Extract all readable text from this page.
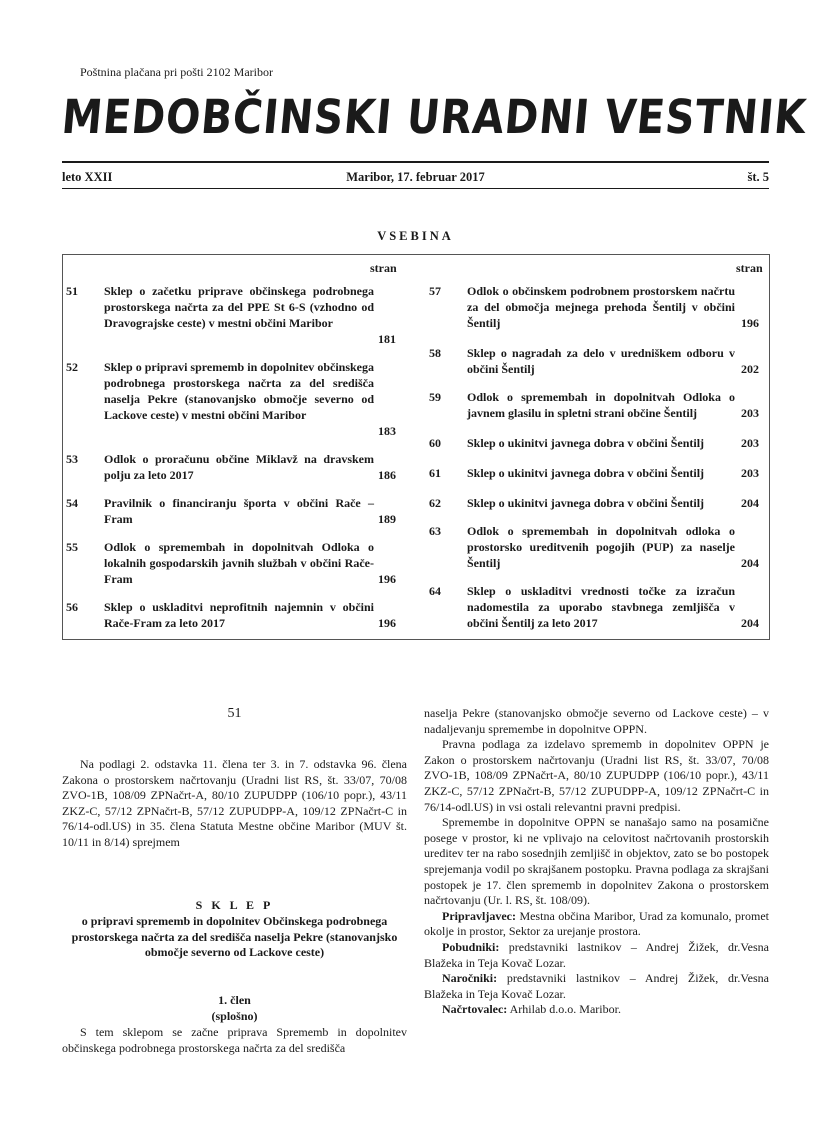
Poštnina plačana pri pošti 2102 Maribor
MEDOBČINSKI URADNI VESTNIK
leto XXII	Maribor, 17. februar 2017	št. 5
VSEBINA
stran	stran
51 Sklep o začetku priprave občinskega podrobnega prostorskega načrta za del PPE St 6-S (vzhodno od Dravograjske ceste) v mestni občini Maribor
181
52 Sklep o pripravi sprememb in dopolnitev občinskega podrobnega prostorskega načrta za del središča naselja Pekre (stanovanjsko območje severno od Lackove ceste) v mestni občini Maribor
183
53 Odlok o proračunu občine Miklavž na dravskem polju za leto 2017	186
54 Pravilnik o financiranju športa v občini Rače – Fram	189
55 Odlok o spremembah in dopolnitvah Odloka o lokalnih gospodarskih javnih službah v občini Rače-Fram	196
56 Sklep o uskladitvi neprofitnih najemnin v občini Rače-Fram za leto 2017	196
57 Odlok o občinskem podrobnem prostorskem načrtu za del območja mejnega prehoda Šentilj v občini Šentilj	196
58 Sklep o nagradah za delo v uredniškem odboru v občini Šentilj	202
59 Odlok o spremembah in dopolnitvah Odloka o javnem glasilu in spletni strani občine Šentilj	203
60 Sklep o ukinitvi javnega dobra v občini Šentilj	203
61 Sklep o ukinitvi javnega dobra v občini Šentilj	203
62 Sklep o ukinitvi javnega dobra v občini Šentilj	204
63 Odlok o spremembah in dopolnitvah odloka o prostorsko ureditvenih pogojih (PUP) za naselje Šentilj	204
64 Sklep o uskladitvi vrednosti točke za izračun nadomestila za uporabo stavbnega zemljišča v občini Šentilj za leto 2017	204
51

Na podlagi 2. odstavka 11. člena ter 3. in 7. odstavka 96. člena Zakona o prostorskem načrtovanju (Uradni list RS, št. 33/07, 70/08 ZVO-1B, 108/09 ZPNačrt-A, 80/10 ZUPUDPP (106/10 popr.), 43/11 ZKZ-C, 57/12 ZPNačrt-B, 57/12 ZUPUDPP-A, 109/12 ZPNačrt-C in 76/14-odl.US) in 35. člena Statuta Mestne občine Maribor (MUV št. 10/11 in 8/14) sprejmem

S K L E P
o pripravi sprememb in dopolnitev Občinskega podrobnega prostorskega načrta za del središča naselja Pekre (stanovanjsko območje severno od Lackove ceste)
1. člen
(splošno)

S tem sklepom se začne priprava Sprememb in dopolnitev občinskega podrobnega prostorskega načrta za del središča

naselja Pekre (stanovanjsko območje severno od Lackove ceste) – v nadaljevanju spremembe in dopolnitve OPPN.

Pravna podlaga za izdelavo sprememb in dopolnitev OPPN je Zakon o prostorskem načrtovanju (Uradni list RS, št. 33/07, 70/08 ZVO-1B, 108/09 ZPNačrt-A, 80/10 ZUPUDPP (106/10 popr.), 43/11 ZKZ-C, 57/12 ZPNačrt-B, 57/12 ZUPUDPP-A, 109/12 ZPNačrt-C in 76/14-odl.US) in vsi ostali relevantni pravni predpisi.

Spremembe in dopolnitve OPPN se nanašajo samo na posamične posege v prostor, ki ne vplivajo na celovitost načrtovanih prostorskih ureditev ter na rabo sosednjih zemljišč in objektov, zato se bo postopek sprejemanja vodil po skrajšanem postopku. Pravna podlaga za skrajšani postopek je 17. člen sprememb in dopolnitev Zakona o prostorskem načrtovanju (Ur. l. RS, št. 108/09).

Pripravljavec: Mestna občina Maribor, Urad za komunalo, promet okolje in prostor, Sektor za urejanje prostora.

Pobudniki: predstavniki lastnikov – Andrej Žižek, dr.Vesna Blažeka in Teja Kovač Lozar.

Naročniki: predstavniki lastnikov – Andrej Žižek, dr.Vesna Blažeka in Teja Kovač Lozar.

Načrtovalec: Arhilab d.o.o. Maribor.
